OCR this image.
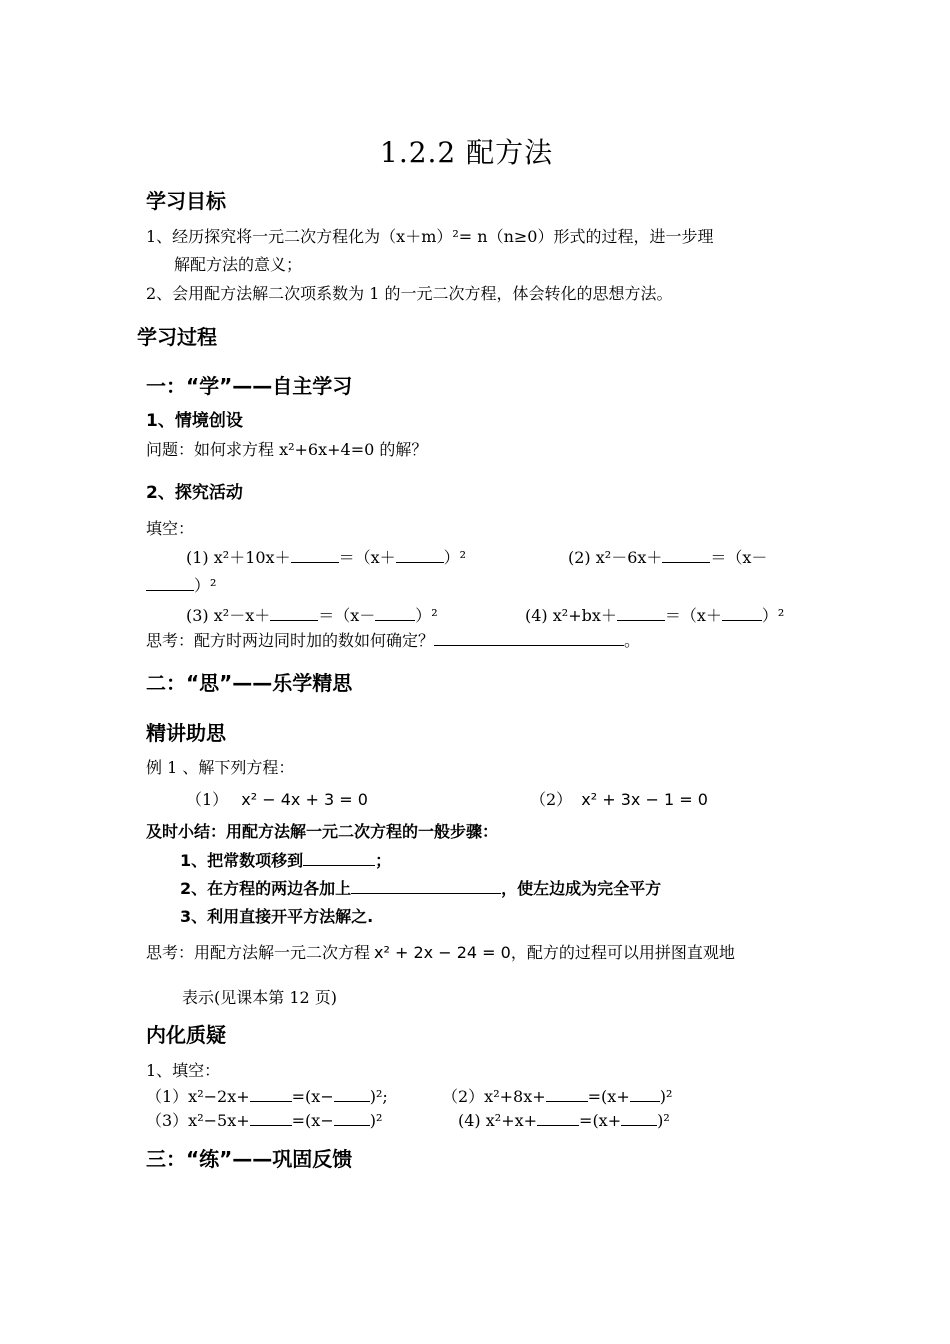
1.2.2 配方法
学习目标
1、经历探究将一元二次方程化为（x＋m）²= n（n≥0）形式的过程，进一步理
解配方法的意义；
2、会用配方法解二次项系数为 1 的一元二次方程，体会转化的思想方法。
学习过程
一：“学”——自主学习
1、情境创设
问题：如何求方程 x²+6x+4=0 的解？
2、探究活动
填空：
(1) x²＋10x＋	＝（x＋	）²	(2) x²－6x＋	＝（x－
）²
(3) x²－x＋	＝（x－	）²	(4) x²+bx＋	＝（x＋	）²
思考：配方时两边同时加的数如何确定？	。
二：“思”——乐学精思
精讲助思
例 1 、解下列方程：
（1） x² − 4x + 3 = 0	（2） x² + 3x − 1 = 0
及时小结：用配方法解一元二次方程的一般步骤：
1、把常数项移到	；
2、在方程的两边各加上	，使左边成为完全平方
3、利用直接开平方法解之.
思考：用配方法解一元二次方程 x² + 2x − 24 = 0，配方的过程可以用拼图直观地
表示(见课本第 12 页)
内化质疑
1、填空：
（1）x²−2x+	=(x− )²;	（2）x²+8x+	=(x+ )²
（3）x²−5x+	=(x− )²	(4) x²+x+	=(x+ )²
三：“练”——巩固反馈
